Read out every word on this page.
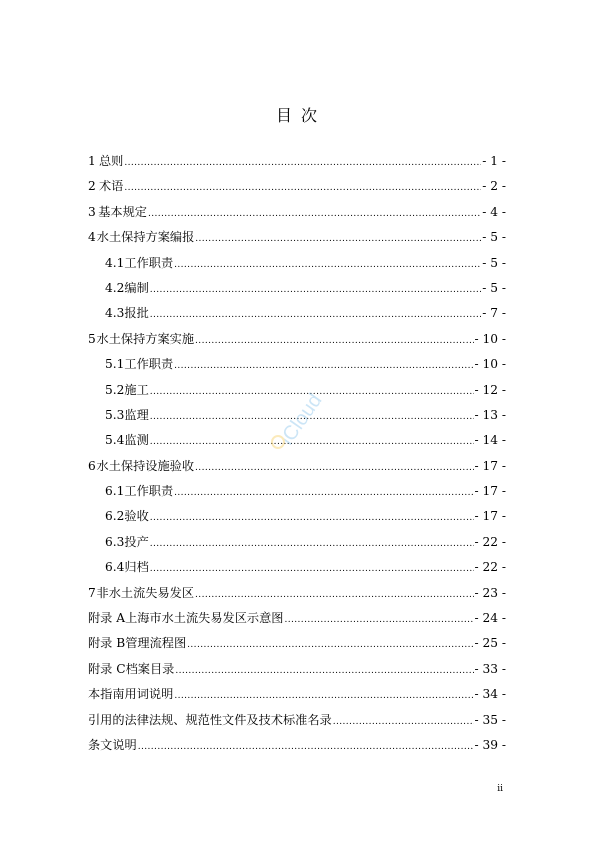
目 次
1 总则 .....	- 1 -
2 术语 .....	- 2 -
3 基本规定 .....	- 4 -
4 水土保持方案编报 .....	- 5 -
4.1 工作职责 .....	- 5 -
4.2 编制 .....	- 5 -
4.3 报批 .....	- 7 -
5 水土保持方案实施 .....	- 10 -
5.1 工作职责 .....	- 10 -
5.2 施工 .....	- 12 -
5.3 监理 .....	- 13 -
5.4 监测 .....	- 14 -
6 水土保持设施验收 .....	- 17 -
6.1 工作职责 .....	- 17 -
6.2 验收 .....	- 17 -
6.3 投产 .....	- 22 -
6.4 归档 .....	- 22 -
7 非水土流失易发区 .....	- 23 -
附录 A 上海市水土流失易发区示意图 .....	- 24 -
附录 B 管理流程图 .....	- 25 -
附录 C 档案目录 .....	- 33 -
本指南用词说明 .....	- 34 -
引用的法律法规、规范性文件及技术标准名录 .....	- 35 -
条文说明 .....	- 39 -
iCloud
ii
